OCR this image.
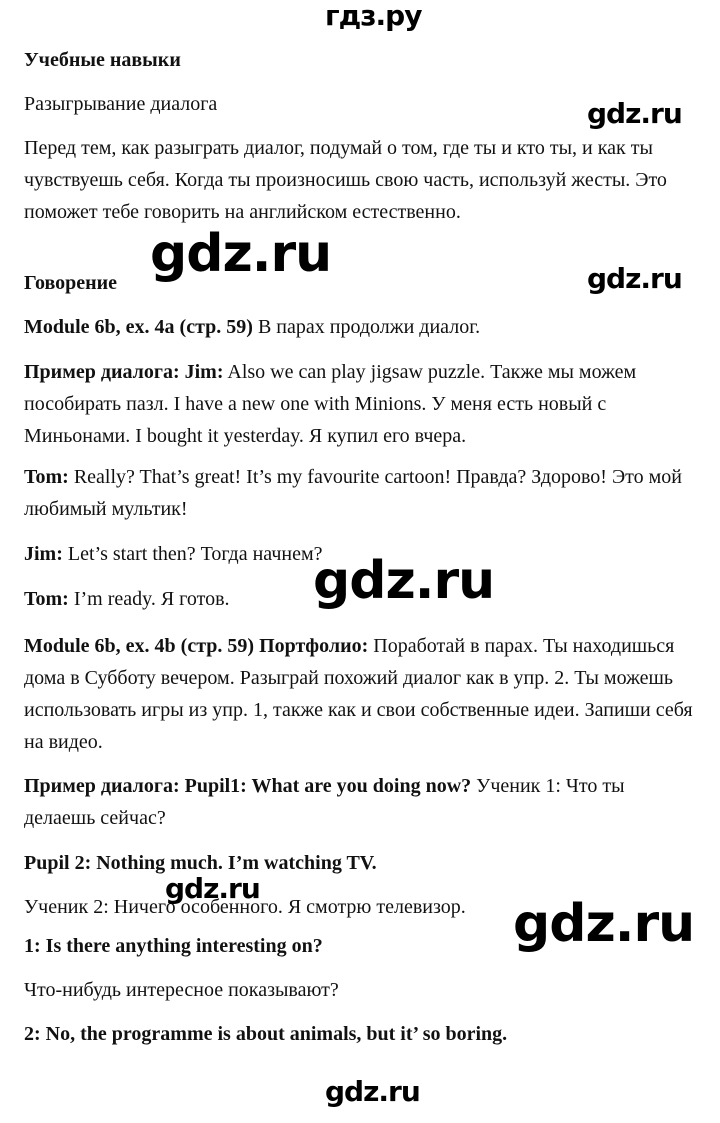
гдз.ру

Учебные навыки

Разыгрывание диалога

Перед тем, как разыграть диалог, подумай о том, где ты и кто ты, и как ты чувствуешь себя. Когда ты произносишь свою часть, используй жесты. Это поможет тебе говорить на английском естественно.

Говорение

Module 6b, ex. 4a (стр. 59) В парах продолжи диалог.

Пример диалога: Jim: Also we can play jigsaw puzzle. Также мы можем пособирать пазл. I have a new one with Minions. У меня есть новый с Миньонами. I bought it yesterday. Я купил его вчера.

Tom: Really? That’s great! It’s my favourite cartoon! Правда? Здорово! Это мой любимый мультик!

Jim: Let’s start then? Тогда начнем?

Tom: I’m ready. Я готов.

Module 6b, ex. 4b (стр. 59) Портфолио: Поработай в парах. Ты находишься дома в Субботу вечером. Разыграй похожий диалог как в упр. 2. Ты можешь использовать игры из упр. 1, также как и свои собственные идеи. Запиши себя на видео.

Пример диалога: Pupil1: What are you doing now? Ученик 1: Что ты делаешь сейчас?

Pupil 2: Nothing much. I’m watching TV.

Ученик 2: Ничего особенного. Я смотрю телевизор.

1: Is there anything interesting on?

Что-нибудь интересное показывают?

2: No, the programme is about animals, but it’ so boring.

gdz.ru
gdz.ru	gdz.ru
gdz.ru
gdz.ru
gdz.ru
gdz.ru
